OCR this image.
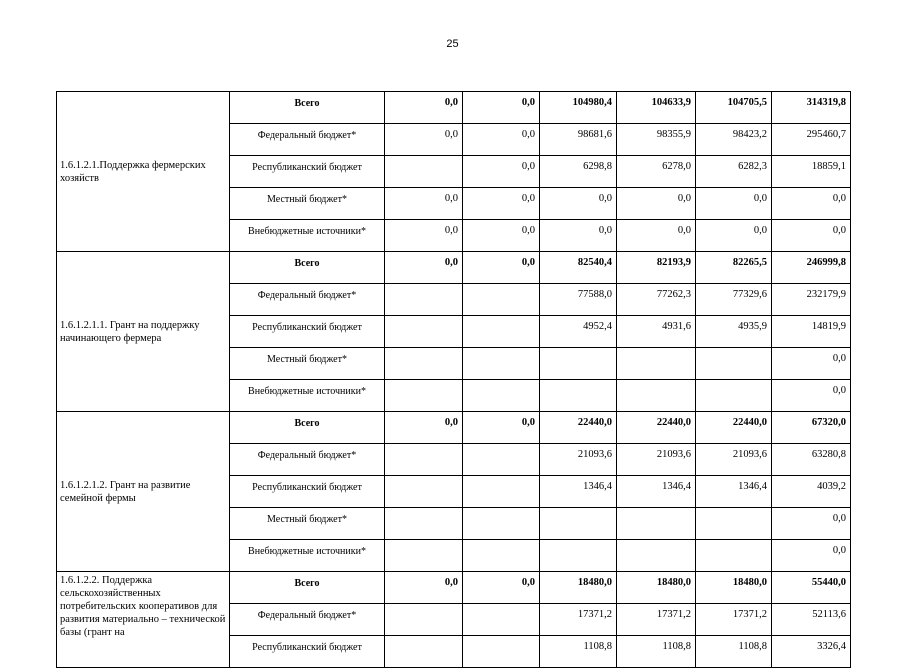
25
1.6.1.2.1.Поддержка фермерских хозяйств	Всего	0,0	0,0	104980,4	104633,9	104705,5	314319,8
	Федеральный бюджет*	0,0	0,0	98681,6	98355,9	98423,2	295460,7
	Республиканский бюджет		0,0	6298,8	6278,0	6282,3	18859,1
	Местный бюджет*	0,0	0,0	0,0	0,0	0,0	0,0
	Внебюджетные источники*	0,0	0,0	0,0	0,0	0,0	0,0
1.6.1.2.1.1. Грант на поддержку начинающего фермера	Всего	0,0	0,0	82540,4	82193,9	82265,5	246999,8
	Федеральный бюджет*			77588,0	77262,3	77329,6	232179,9
	Республиканский бюджет			4952,4	4931,6	4935,9	14819,9
	Местный бюджет*						0,0
	Внебюджетные источники*						0,0
1.6.1.2.1.2. Грант на развитие семейной фермы	Всего	0,0	0,0	22440,0	22440,0	22440,0	67320,0
	Федеральный бюджет*			21093,6	21093,6	21093,6	63280,8
	Республиканский бюджет			1346,4	1346,4	1346,4	4039,2
	Местный бюджет*						0,0
	Внебюджетные источники*						0,0
1.6.1.2.2. Поддержка сельскохозяйственных потребительских кооперативов для развития материально – технической базы (грант на	Всего	0,0	0,0	18480,0	18480,0	18480,0	55440,0
	Федеральный бюджет*			17371,2	17371,2	17371,2	52113,6
	Республиканский бюджет			1108,8	1108,8	1108,8	3326,4
